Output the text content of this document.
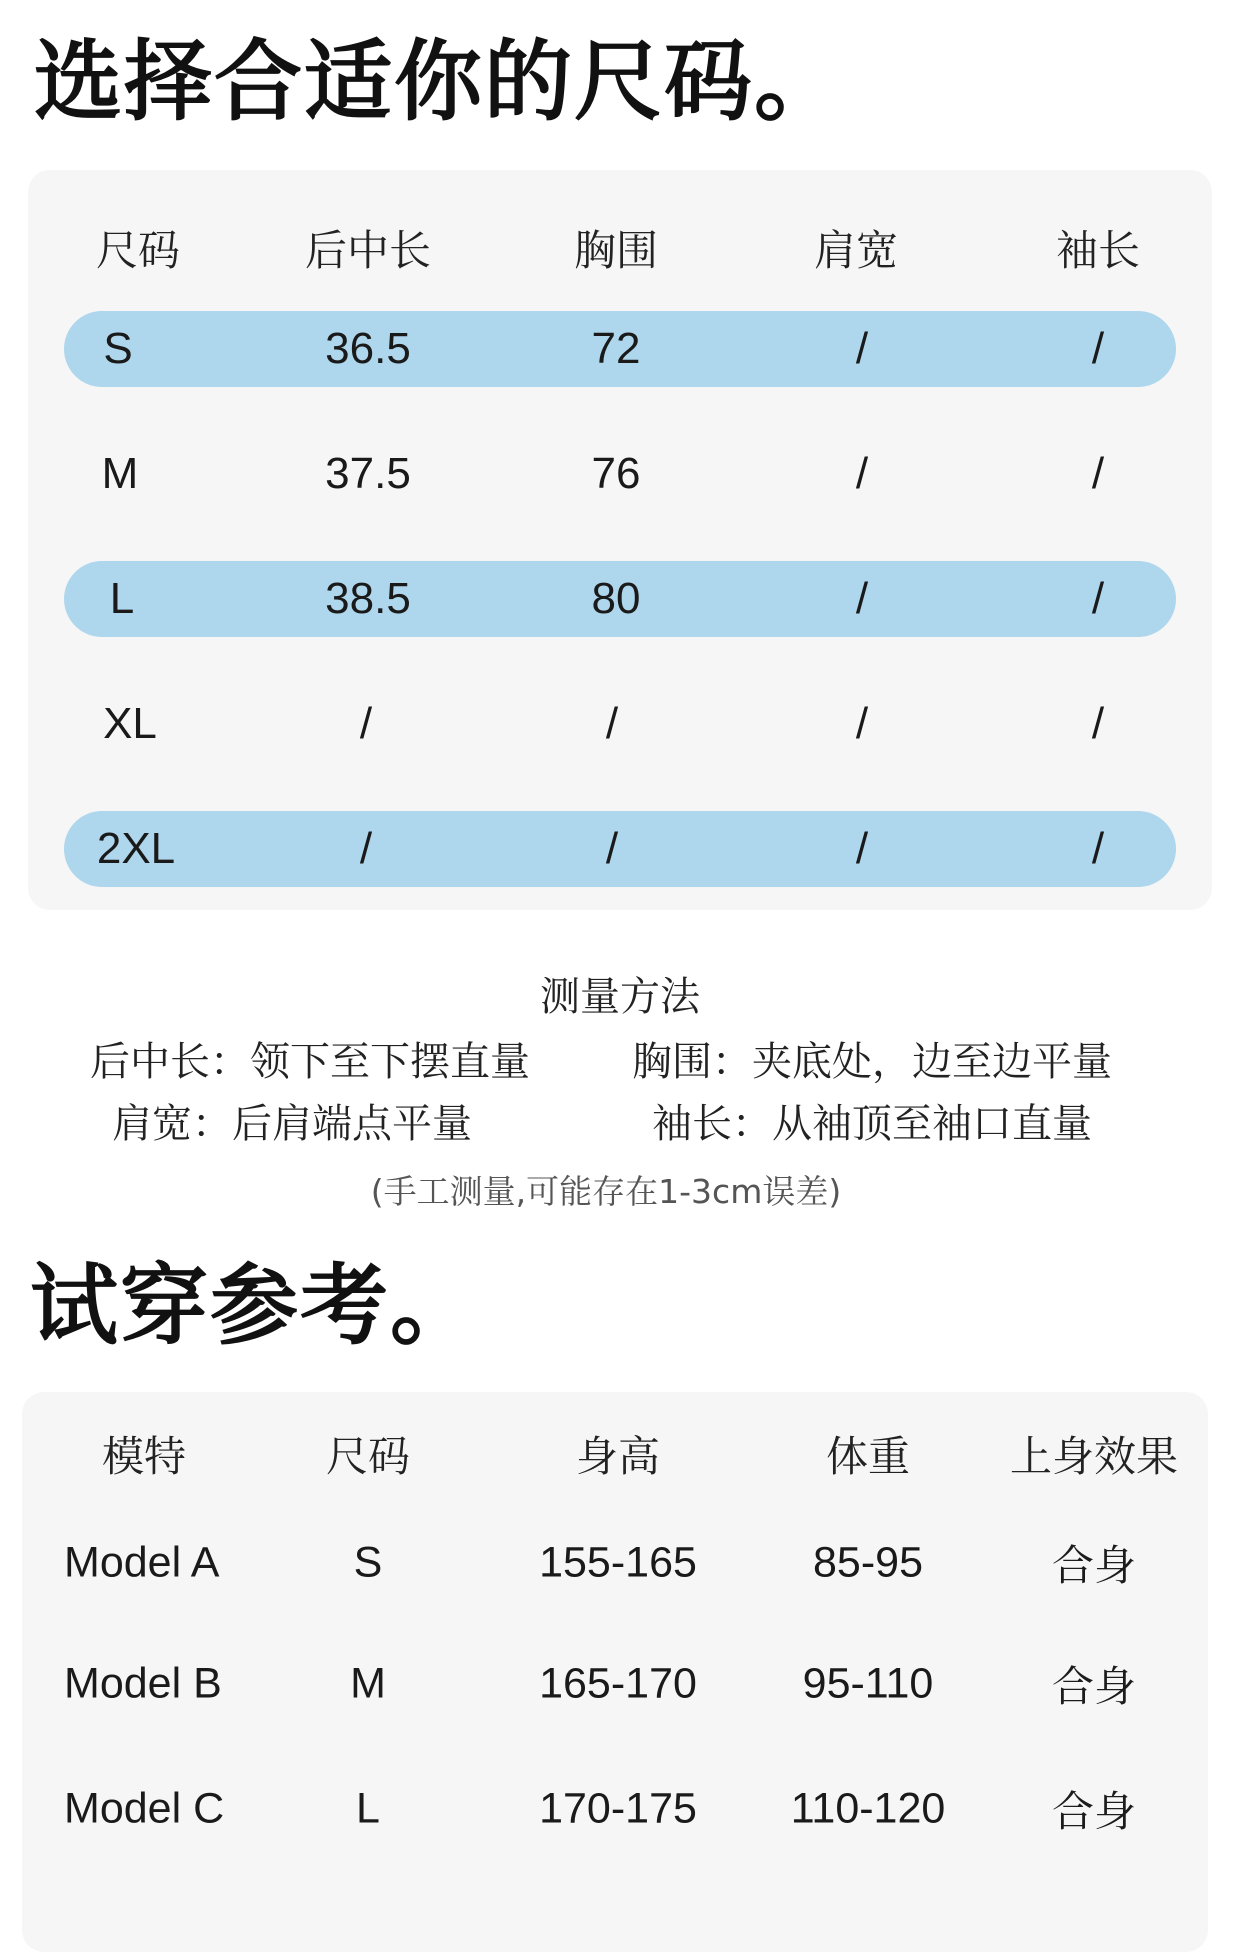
选择合适你的尺码。
尺码	后中长	胸围	肩宽	袖长
S	36.5	72	/	/
M	37.5	76	/	/
L	38.5	80	/	/
XL	/	/	/	/
2XL	/	/	/	/
测量方法
后中长：领下至下摆直量	胸围：夹底处，边至边平量
肩宽：后肩端点平量	袖长：从袖顶至袖口直量
(手工测量,可能存在1-3cm误差)
试穿参考。
模特	尺码	身高	体重 上身效果
Model A	S	155-165	85-95	合身
Model B	M	165-170 95-110	合身
Model C	L	170-175 110-120	合身
